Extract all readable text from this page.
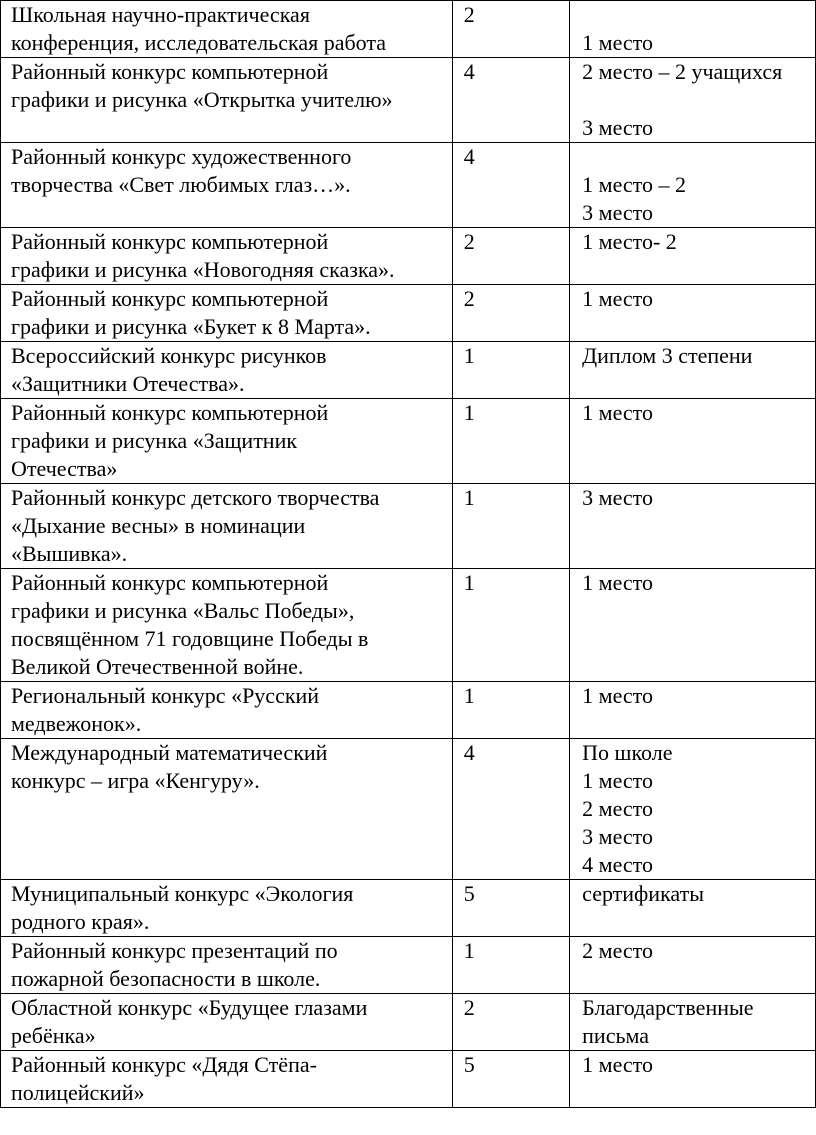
Школьная научно-практическая
конференция, исследовательская работа	2	1 место

Районный конкурс компьютерной
графики и рисунка «Открытка учителю»	4	2 место – 2 учащихся
3 место

Районный конкурс художественного
творчества «Свет любимых глаз…».	4	1 место – 2
3 место

Районный конкурс компьютерной
графики и рисунка «Новогодняя сказка».	2	1 место- 2

Районный конкурс компьютерной
графики и рисунка «Букет к 8 Марта».	2	1 место

Всероссийский конкурс рисунков
«Защитники Отечества».	1	Диплом 3 степени

Районный конкурс компьютерной
графики и рисунка «Защитник
Отечества»	1	1 место

Районный конкурс детского творчества
«Дыхание весны» в номинации
«Вышивка».	1	3 место

Районный конкурс компьютерной
графики и рисунка «Вальс Победы»,
посвящённом 71 годовщине Победы в
Великой Отечественной войне.	1	1 место

Региональный конкурс «Русский
медвежонок».	1	1 место

Международный математический
конкурс – игра «Кенгуру».	4	По школе
1 место
2 место
3 место
4 место

Муниципальный конкурс «Экология
родного края».	5	сертификаты

Районный конкурс презентаций по
пожарной безопасности в школе.	1	2 место

Областной конкурс «Будущее глазами
ребёнка»	2	Благодарственные
письма

Районный конкурс «Дядя Стёпа-
полицейский»	5	1 место
